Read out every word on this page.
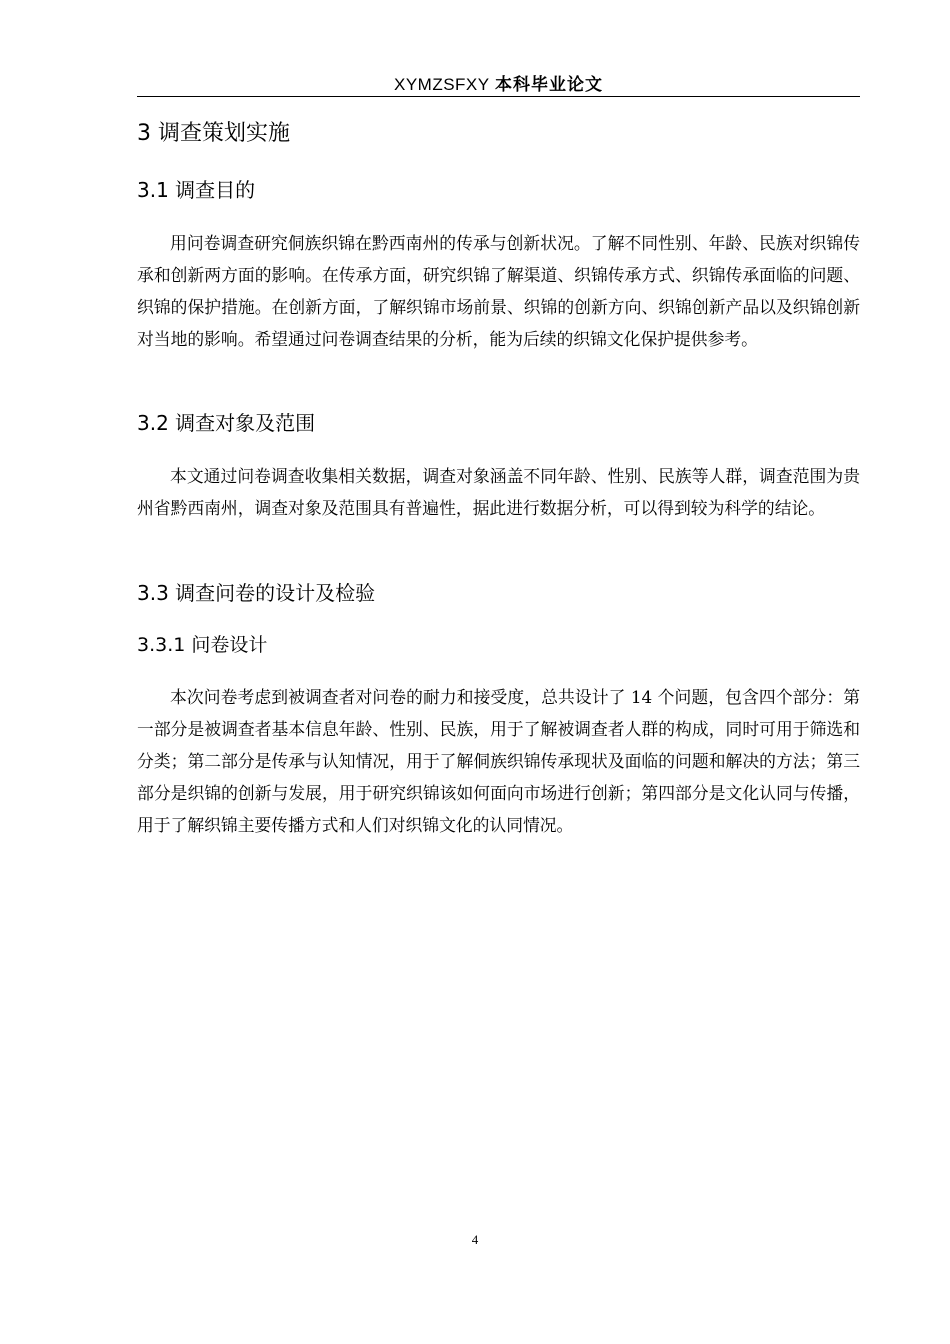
XYMZSFXY 本科毕业论文
3 调查策划实施
3.1 调查目的

用问卷调查研究侗族织锦在黔西南州的传承与创新状况。了解不同性别、年龄、民族对织锦传承和创新两方面的影响。在传承方面，研究织锦了解渠道、织锦传承方式、织锦传承面临的问题、织锦的保护措施。在创新方面，了解织锦市场前景、织锦的创新方向、织锦创新产品以及织锦创新对当地的影响。希望通过问卷调查结果的分析，能为后续的织锦文化保护提供参考。

3.2 调查对象及范围

本文通过问卷调查收集相关数据，调查对象涵盖不同年龄、性别、民族等人群，调查范围为贵州省黔西南州，调查对象及范围具有普遍性，据此进行数据分析，可以得到较为科学的结论。

3.3 调查问卷的设计及检验
3.3.1 问卷设计

本次问卷考虑到被调查者对问卷的耐力和接受度，总共设计了 14 个问题，包含四个部分：第一部分是被调查者基本信息年龄、性别、民族，用于了解被调查者人群的构成，同时可用于筛选和分类；第二部分是传承与认知情况，用于了解侗族织锦传承现状及面临的问题和解决的方法；第三部分是织锦的创新与发展，用于研究织锦该如何面向市场进行创新；第四部分是文化认同与传播，用于了解织锦主要传播方式和人们对织锦文化的认同情况。

4
